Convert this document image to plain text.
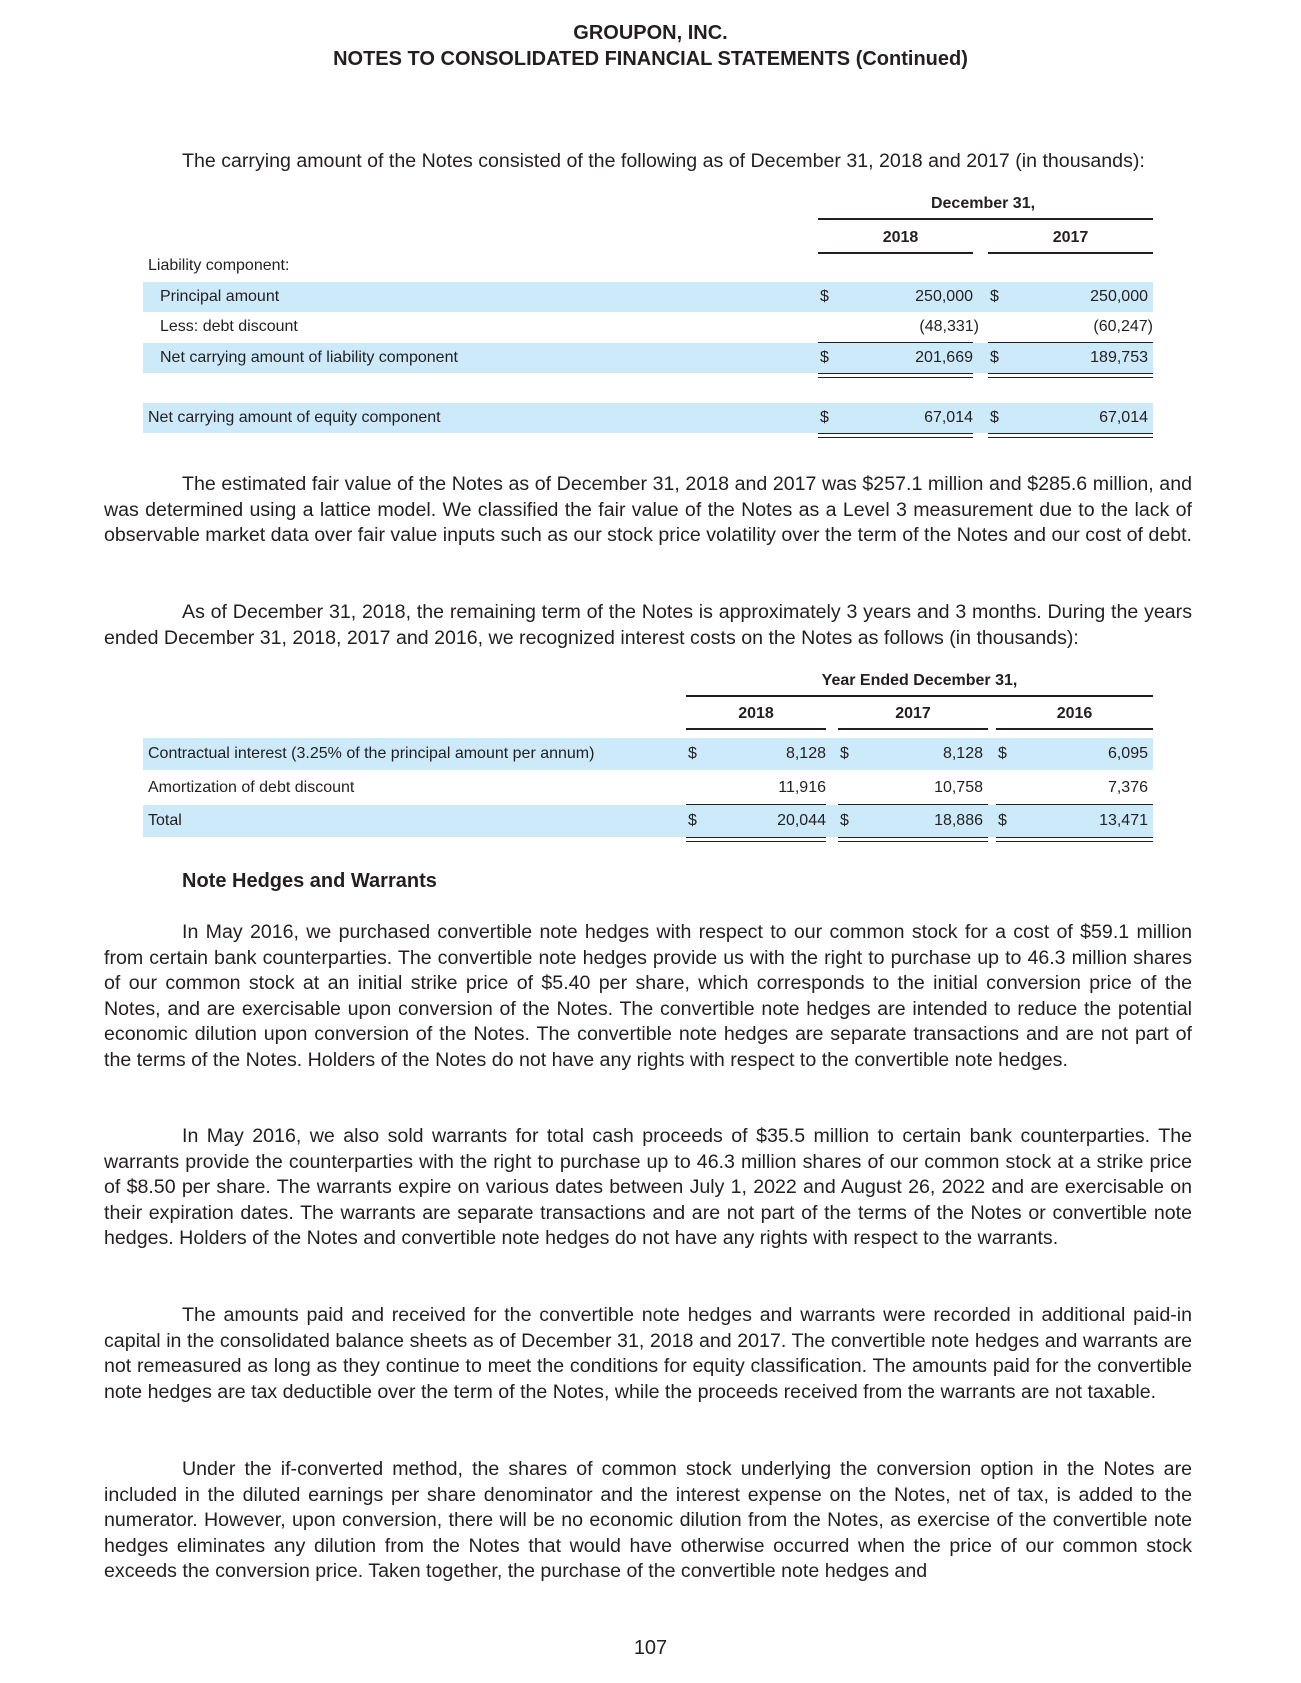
GROUPON, INC.
NOTES TO CONSOLIDATED FINANCIAL STATEMENTS (Continued)
The carrying amount of the Notes consisted of the following as of December 31, 2018 and 2017 (in thousands):
December 31,
2018	2017
Liability component:
Principal amount	$	250,000 $	250,000
Less: debt discount	(48,331)	(60,247)
Net carrying amount of liability component	$	201,669 $	189,753
Net carrying amount of equity component	$	67,014 $	67,014
The estimated fair value of the Notes as of December 31, 2018 and 2017 was $257.1 million and $285.6 million, and was determined using a lattice model. We classified the fair value of the Notes as a Level 3 measurement due to the lack of observable market data over fair value inputs such as our stock price volatility over the term of the Notes and our cost of debt.
As of December 31, 2018, the remaining term of the Notes is approximately 3 years and 3 months. During the years ended December 31, 2018, 2017 and 2016, we recognized interest costs on the Notes as follows (in thousands):
Year Ended December 31,
2018	2017	2016
Contractual interest (3.25% of the principal amount per annum)	$	8,128 $	8,128 $	6,095
Amortization of debt discount	11,916	10,758	7,376
Total	$	20,044 $	18,886 $	13,471
Note Hedges and Warrants
In May 2016, we purchased convertible note hedges with respect to our common stock for a cost of $59.1 million from certain bank counterparties. The convertible note hedges provide us with the right to purchase up to 46.3 million shares of our common stock at an initial strike price of $5.40 per share, which corresponds to the initial conversion price of the Notes, and are exercisable upon conversion of the Notes. The convertible note hedges are intended to reduce the potential economic dilution upon conversion of the Notes. The convertible note hedges are separate transactions and are not part of the terms of the Notes. Holders of the Notes do not have any rights with respect to the convertible note hedges.
In May 2016, we also sold warrants for total cash proceeds of $35.5 million to certain bank counterparties. The warrants provide the counterparties with the right to purchase up to 46.3 million shares of our common stock at a strike price of $8.50 per share. The warrants expire on various dates between July 1, 2022 and August 26, 2022 and are exercisable on their expiration dates. The warrants are separate transactions and are not part of the terms of the Notes or convertible note hedges. Holders of the Notes and convertible note hedges do not have any rights with respect to the warrants.
The amounts paid and received for the convertible note hedges and warrants were recorded in additional paid-in capital in the consolidated balance sheets as of December 31, 2018 and 2017. The convertible note hedges and warrants are not remeasured as long as they continue to meet the conditions for equity classification. The amounts paid for the convertible note hedges are tax deductible over the term of the Notes, while the proceeds received from the warrants are not taxable.
Under the if-converted method, the shares of common stock underlying the conversion option in the Notes are included in the diluted earnings per share denominator and the interest expense on the Notes, net of tax, is added to the numerator. However, upon conversion, there will be no economic dilution from the Notes, as exercise of the convertible note hedges eliminates any dilution from the Notes that would have otherwise occurred when the price of our common stock exceeds the conversion price. Taken together, the purchase of the convertible note hedges and
107
